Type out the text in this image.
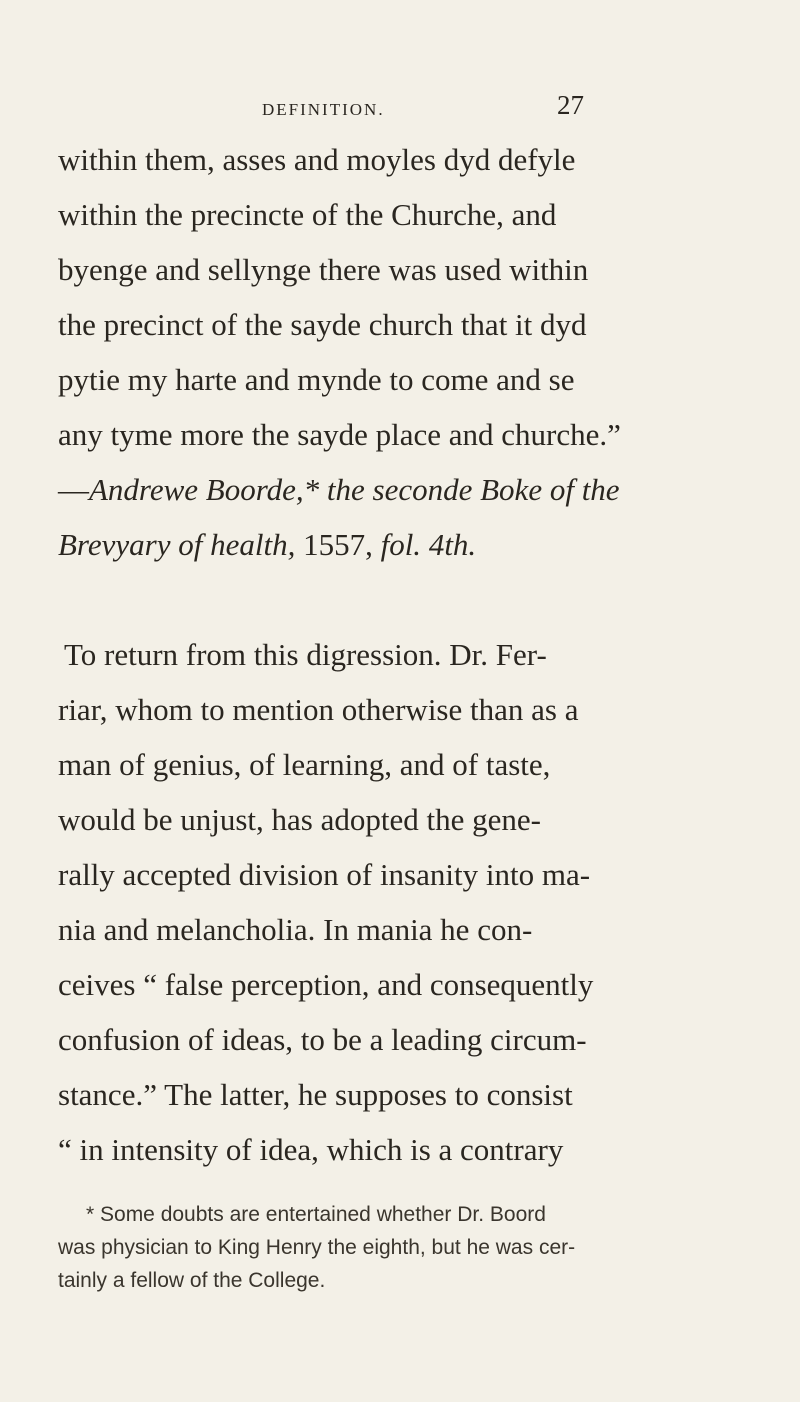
DEFINITION.	27
within them, asses and moyles dyd defyle
within the precincte of the Churche, and
byenge and sellynge there was used within
the precinct of the sayde church that it dyd
pytie my harte and mynde to come and se
any tyme more the sayde place and churche.”
—Andrewe Boorde,* the seconde Boke of the
Brevyary of health, 1557, fol. 4th.
To return from this digression. Dr. Fer-
riar, whom to mention otherwise than as a
man of genius, of learning, and of taste,
would be unjust, has adopted the gene-
rally accepted division of insanity into ma-
nia and melancholia. In mania he con-
ceives “ false perception, and consequently
confusion of ideas, to be a leading circum-
stance.” The latter, he supposes to consist
“ in intensity of idea, which is a contrary
* Some doubts are entertained whether Dr. Boord
was physician to King Henry the eighth, but he was cer-
tainly a fellow of the College.
